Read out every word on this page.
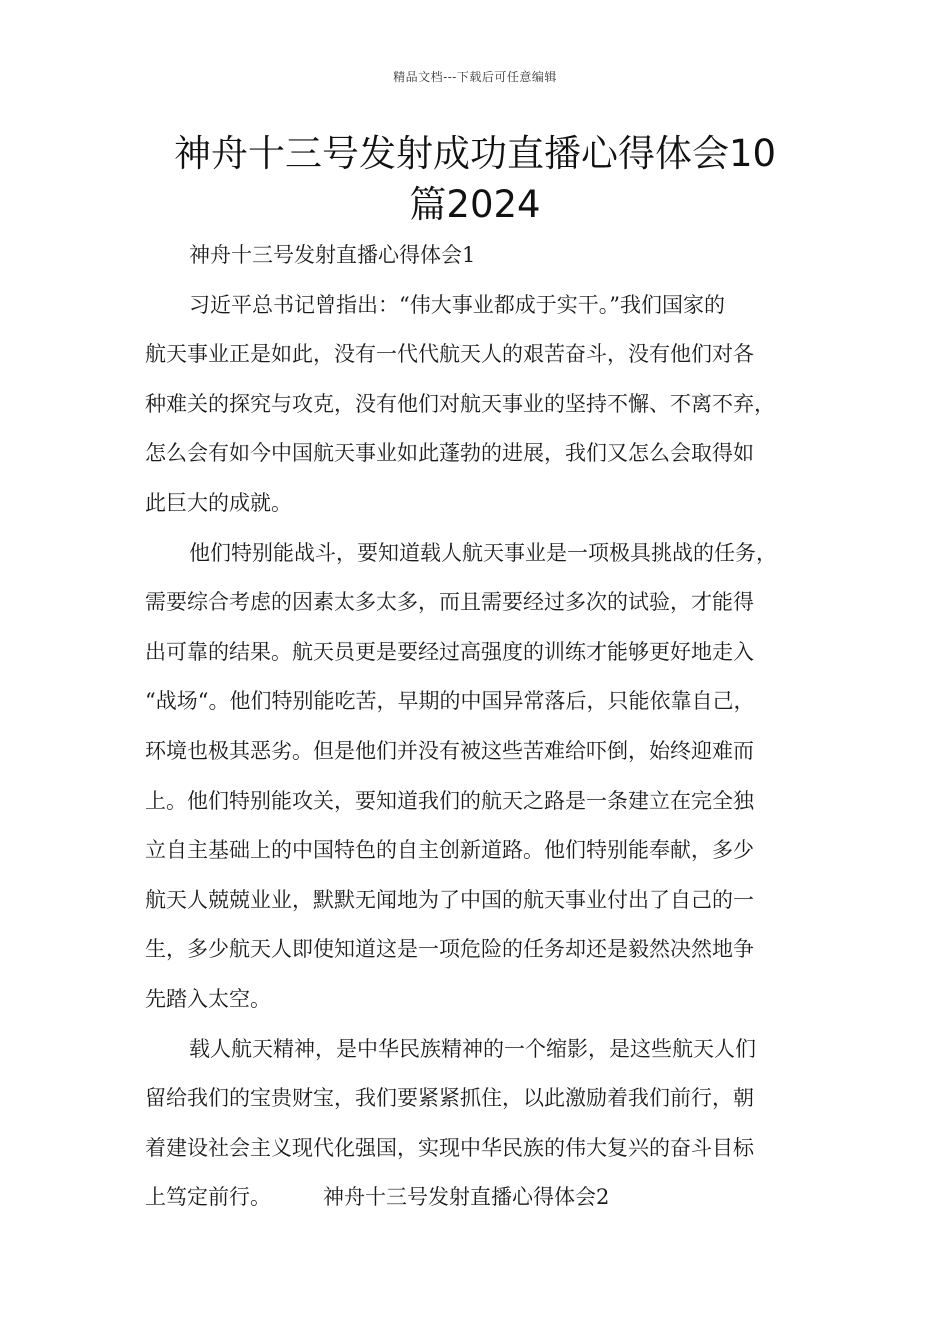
精品文档---下载后可任意编辑
神舟十三号发射成功直播心得体会10
篇2024
神舟十三号发射直播心得体会1
习近平总书记曾指出：“伟大事业都成于实干。”我们国家的
航天事业正是如此，没有一代代航天人的艰苦奋斗，没有他们对各
种难关的探究与攻克，没有他们对航天事业的坚持不懈、不离不弃，
怎么会有如今中国航天事业如此蓬勃的进展，我们又怎么会取得如
此巨大的成就。
他们特别能战斗，要知道载人航天事业是一项极具挑战的任务，
需要综合考虑的因素太多太多，而且需要经过多次的试验，才能得
出可靠的结果。航天员更是要经过高强度的训练才能够更好地走入
“战场“。他们特别能吃苦，早期的中国异常落后，只能依靠自己，
环境也极其恶劣。但是他们并没有被这些苦难给吓倒，始终迎难而
上。他们特别能攻关，要知道我们的航天之路是一条建立在完全独
立自主基础上的中国特色的自主创新道路。他们特别能奉献，多少
航天人兢兢业业，默默无闻地为了中国的航天事业付出了自己的一
生，多少航天人即使知道这是一项危险的任务却还是毅然决然地争
先踏入太空。
载人航天精神，是中华民族精神的一个缩影，是这些航天人们
留给我们的宝贵财宝，我们要紧紧抓住，以此激励着我们前行，朝
着建设社会主义现代化强国，实现中华民族的伟大复兴的奋斗目标
上笃定前行。 神舟十三号发射直播心得体会2
